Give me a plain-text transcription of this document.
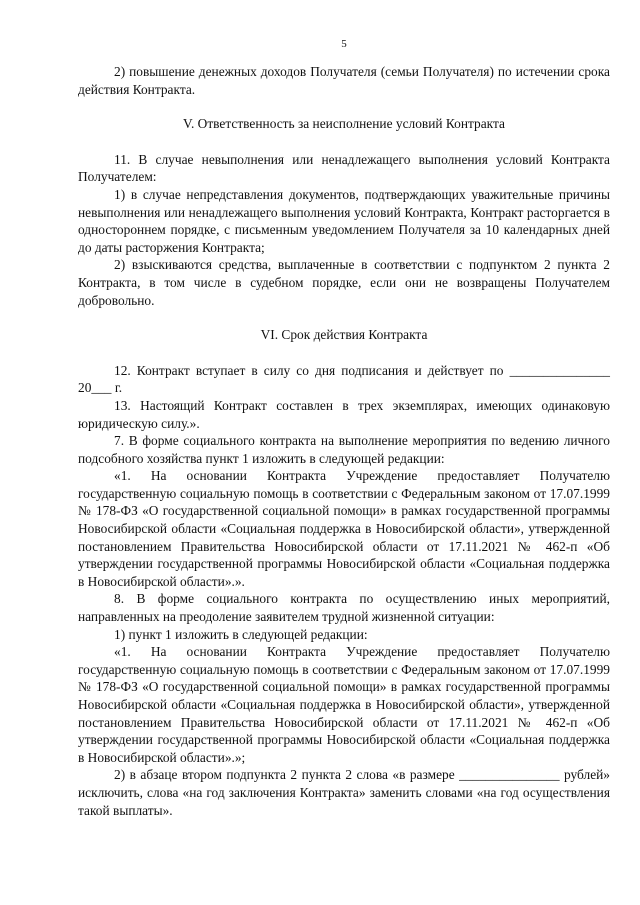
5

2) повышение денежных доходов Получателя (семьи Получателя) по истечении срока действия Контракта.

V. Ответственность за неисполнение условий Контракта

11. В случае невыполнения или ненадлежащего выполнения условий Контракта Получателем:

1) в случае непредставления документов, подтверждающих уважительные причины невыполнения или ненадлежащего выполнения условий Контракта, Контракт расторгается в одностороннем порядке, с письменным уведомлением Получателя за 10 календарных дней до даты расторжения Контракта;

2) взыскиваются средства, выплаченные в соответствии с подпунктом 2 пункта 2 Контракта, в том числе в судебном порядке, если они не возвращены Получателем добровольно.

VI. Срок действия Контракта

12. Контракт вступает в силу со дня подписания и действует по _______________ 20___ г.

13. Настоящий Контракт составлен в трех экземплярах, имеющих одинаковую юридическую силу.».

7. В форме социального контракта на выполнение мероприятия по ведению личного подсобного хозяйства пункт 1 изложить в следующей редакции:

«1. На основании Контракта Учреждение предоставляет Получателю государственную социальную помощь в соответствии с Федеральным законом от 17.07.1999 № 178-ФЗ «О государственной социальной помощи» в рамках государственной программы Новосибирской области «Социальная поддержка в Новосибирской области», утвержденной постановлением Правительства Новосибирской области от 17.11.2021 № 462-п «Об утверждении государственной программы Новосибирской области «Социальная поддержка в Новосибирской области».».

8. В форме социального контракта по осуществлению иных мероприятий, направленных на преодоление заявителем трудной жизненной ситуации:

1) пункт 1 изложить в следующей редакции:

«1. На основании Контракта Учреждение предоставляет Получателю государственную социальную помощь в соответствии с Федеральным законом от 17.07.1999 № 178-ФЗ «О государственной социальной помощи» в рамках государственной программы Новосибирской области «Социальная поддержка в Новосибирской области», утвержденной постановлением Правительства Новосибирской области от 17.11.2021 № 462-п «Об утверждении государственной программы Новосибирской области «Социальная поддержка в Новосибирской области».»;

2) в абзаце втором подпункта 2 пункта 2 слова «в размере _______________ рублей» исключить, слова «на год заключения Контракта» заменить словами «на год осуществления такой выплаты».
